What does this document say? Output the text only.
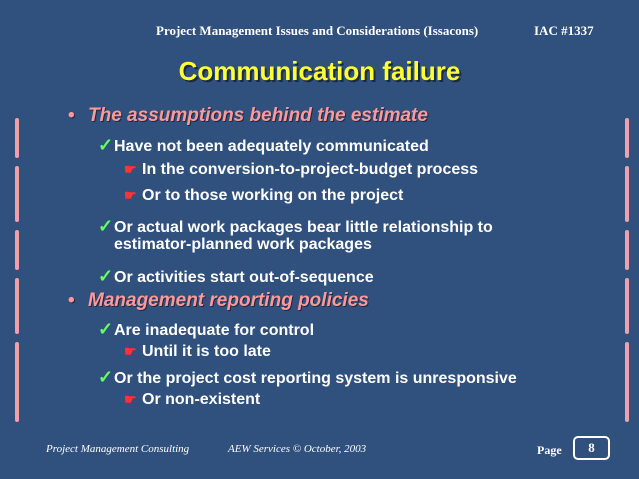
Project Management Issues and Considerations (Issacons)	IAC #1337
Communication failure
• The assumptions behind the estimate
✓Have not been adequately communicated
☛ In the conversion-to-project-budget process
☛ Or to those working on the project
✓Or actual work packages bear little relationship to
estimator-planned work packages
✓Or activities start out-of-sequence
• Management reporting policies
✓Are inadequate for control
☛ Until it is too late
✓Or the project cost reporting system is unresponsive
☛ Or non-existent
Project Management Consulting	AEW Services © October, 2003	Page	8
